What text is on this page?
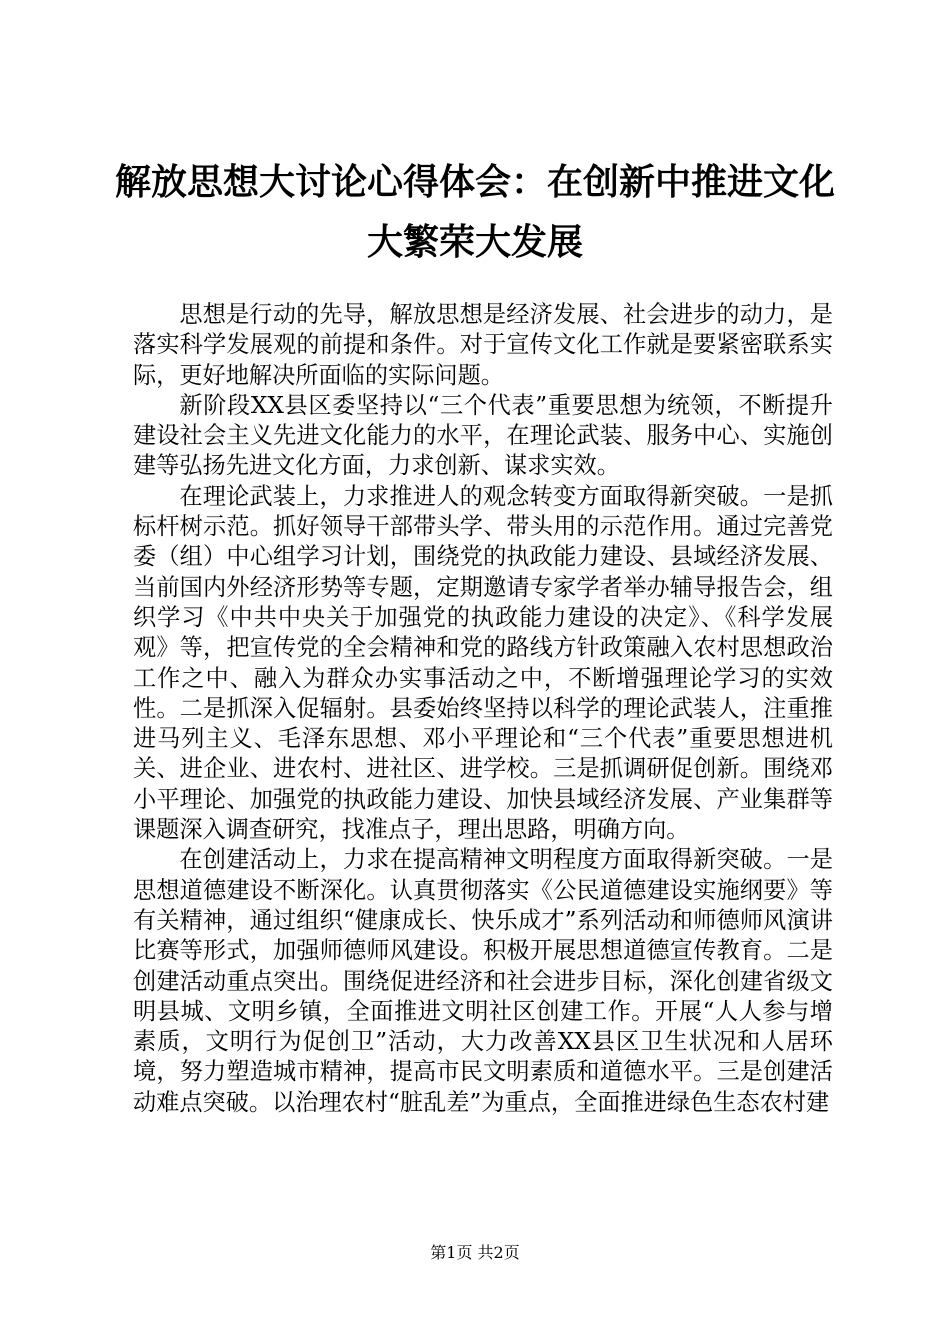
解放思想大讨论心得体会：在创新中推进文化
大繁荣大发展

思想是行动的先导，解放思想是经济发展、社会进步的动力，是落实科学发展观的前提和条件。对于宣传文化工作就是要紧密联系实际，更好地解决所面临的实际问题。

新阶段XX县区委坚持以“三个代表”重要思想为统领，不断提升建设社会主义先进文化能力的水平，在理论武装、服务中心、实施创建等弘扬先进文化方面，力求创新、谋求实效。

在理论武装上，力求推进人的观念转变方面取得新突破。一是抓标杆树示范。抓好领导干部带头学、带头用的示范作用。通过完善党委（组）中心组学习计划，围绕党的执政能力建设、县域经济发展、当前国内外经济形势等专题，定期邀请专家学者举办辅导报告会，组织学习《中共中央关于加强党的执政能力建设的决定》、《科学发展观》等，把宣传党的全会精神和党的路线方针政策融入农村思想政治工作之中、融入为群众办实事活动之中，不断增强理论学习的实效性。二是抓深入促辐射。县委始终坚持以科学的理论武装人，注重推进马列主义、毛泽东思想、邓小平理论和“三个代表”重要思想进机关、进企业、进农村、进社区、进学校。三是抓调研促创新。围绕邓小平理论、加强党的执政能力建设、加快县域经济发展、产业集群等课题深入调查研究，找准点子，理出思路，明确方向。

在创建活动上，力求在提高精神文明程度方面取得新突破。一是思想道德建设不断深化。认真贯彻落实《公民道德建设实施纲要》等有关精神，通过组织“健康成长、快乐成才”系列活动和师德师风演讲比赛等形式，加强师德师风建设。积极开展思想道德宣传教育。二是创建活动重点突出。围绕促进经济和社会进步目标，深化创建省级文明县城、文明乡镇，全面推进文明社区创建工作。开展“人人参与增素质，文明行为促创卫”活动，大力改善XX县区卫生状况和人居环境，努力塑造城市精神，提高市民文明素质和道德水平。三是创建活动难点突破。以治理农村“脏乱差”为重点，全面推进绿色生态农村建

第1页 共2页
